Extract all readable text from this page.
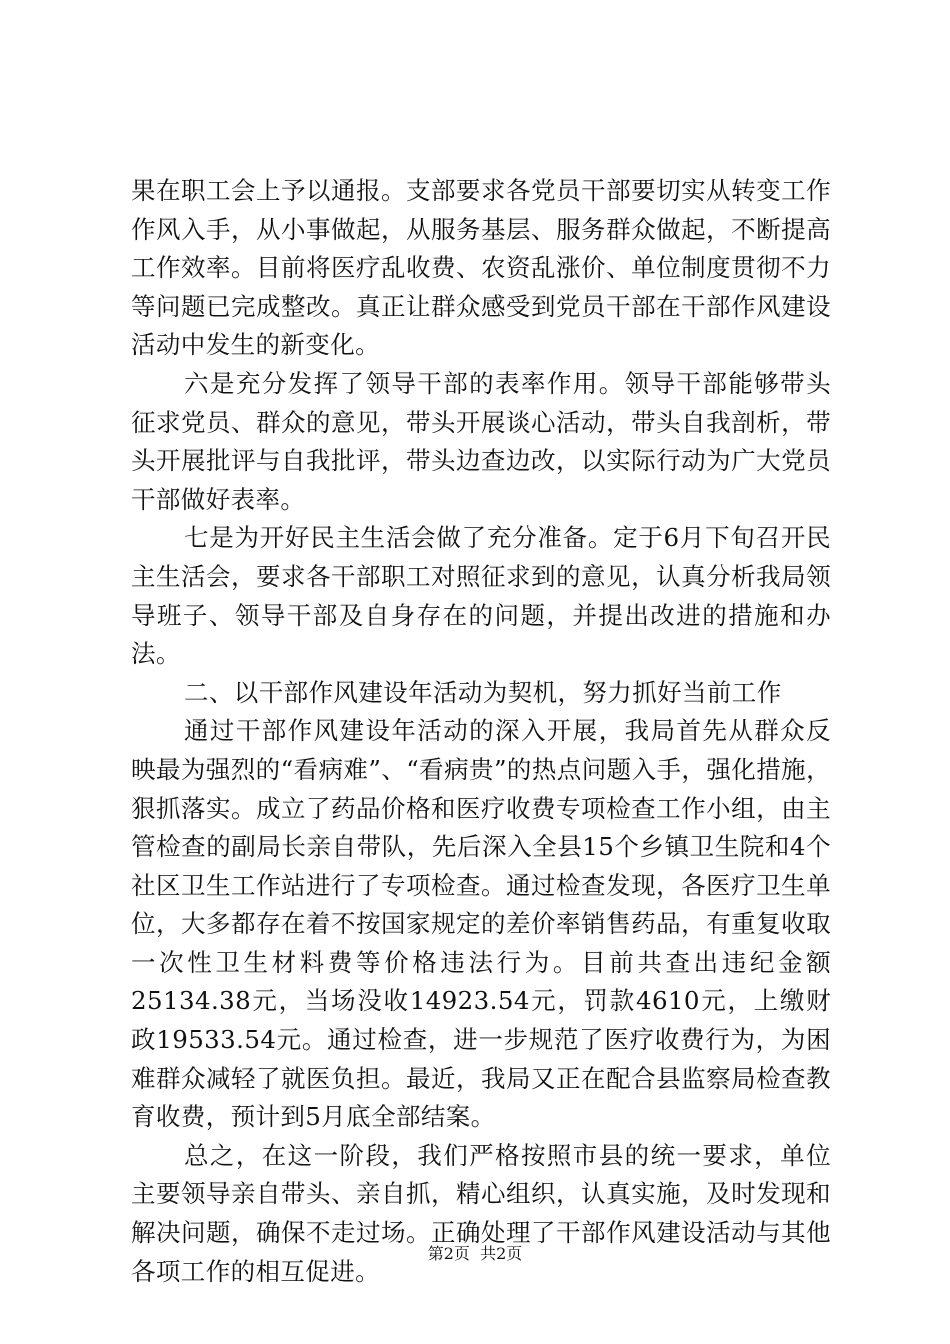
果在职工会上予以通报。支部要求各党员干部要切实从转变工作作风入手，从小事做起，从服务基层、服务群众做起，不断提高工作效率。目前将医疗乱收费、农资乱涨价、单位制度贯彻不力等问题已完成整改。真正让群众感受到党员干部在干部作风建设活动中发生的新变化。

六是充分发挥了领导干部的表率作用。领导干部能够带头征求党员、群众的意见，带头开展谈心活动，带头自我剖析，带头开展批评与自我批评，带头边查边改，以实际行动为广大党员干部做好表率。

七是为开好民主生活会做了充分准备。定于6月下旬召开民主生活会，要求各干部职工对照征求到的意见，认真分析我局领导班子、领导干部及自身存在的问题，并提出改进的措施和办法。

二、以干部作风建设年活动为契机，努力抓好当前工作

通过干部作风建设年活动的深入开展，我局首先从群众反映最为强烈的“看病难”、“看病贵”的热点问题入手，强化措施，狠抓落实。成立了药品价格和医疗收费专项检查工作小组，由主管检查的副局长亲自带队，先后深入全县15个乡镇卫生院和4个社区卫生工作站进行了专项检查。通过检查发现，各医疗卫生单位，大多都存在着不按国家规定的差价率销售药品，有重复收取一次性卫生材料费等价格违法行为。目前共查出违纪金额25134.38元，当场没收14923.54元，罚款4610元，上缴财政19533.54元。通过检查，进一步规范了医疗收费行为，为困难群众减轻了就医负担。最近，我局又正在配合县监察局检查教育收费，预计到5月底全部结案。

总之，在这一阶段，我们严格按照市县的统一要求，单位主要领导亲自带头、亲自抓，精心组织，认真实施，及时发现和解决问题，确保不走过场。正确处理了干部作风建设活动与其他各项工作的相互促进。

第2页 共2页
